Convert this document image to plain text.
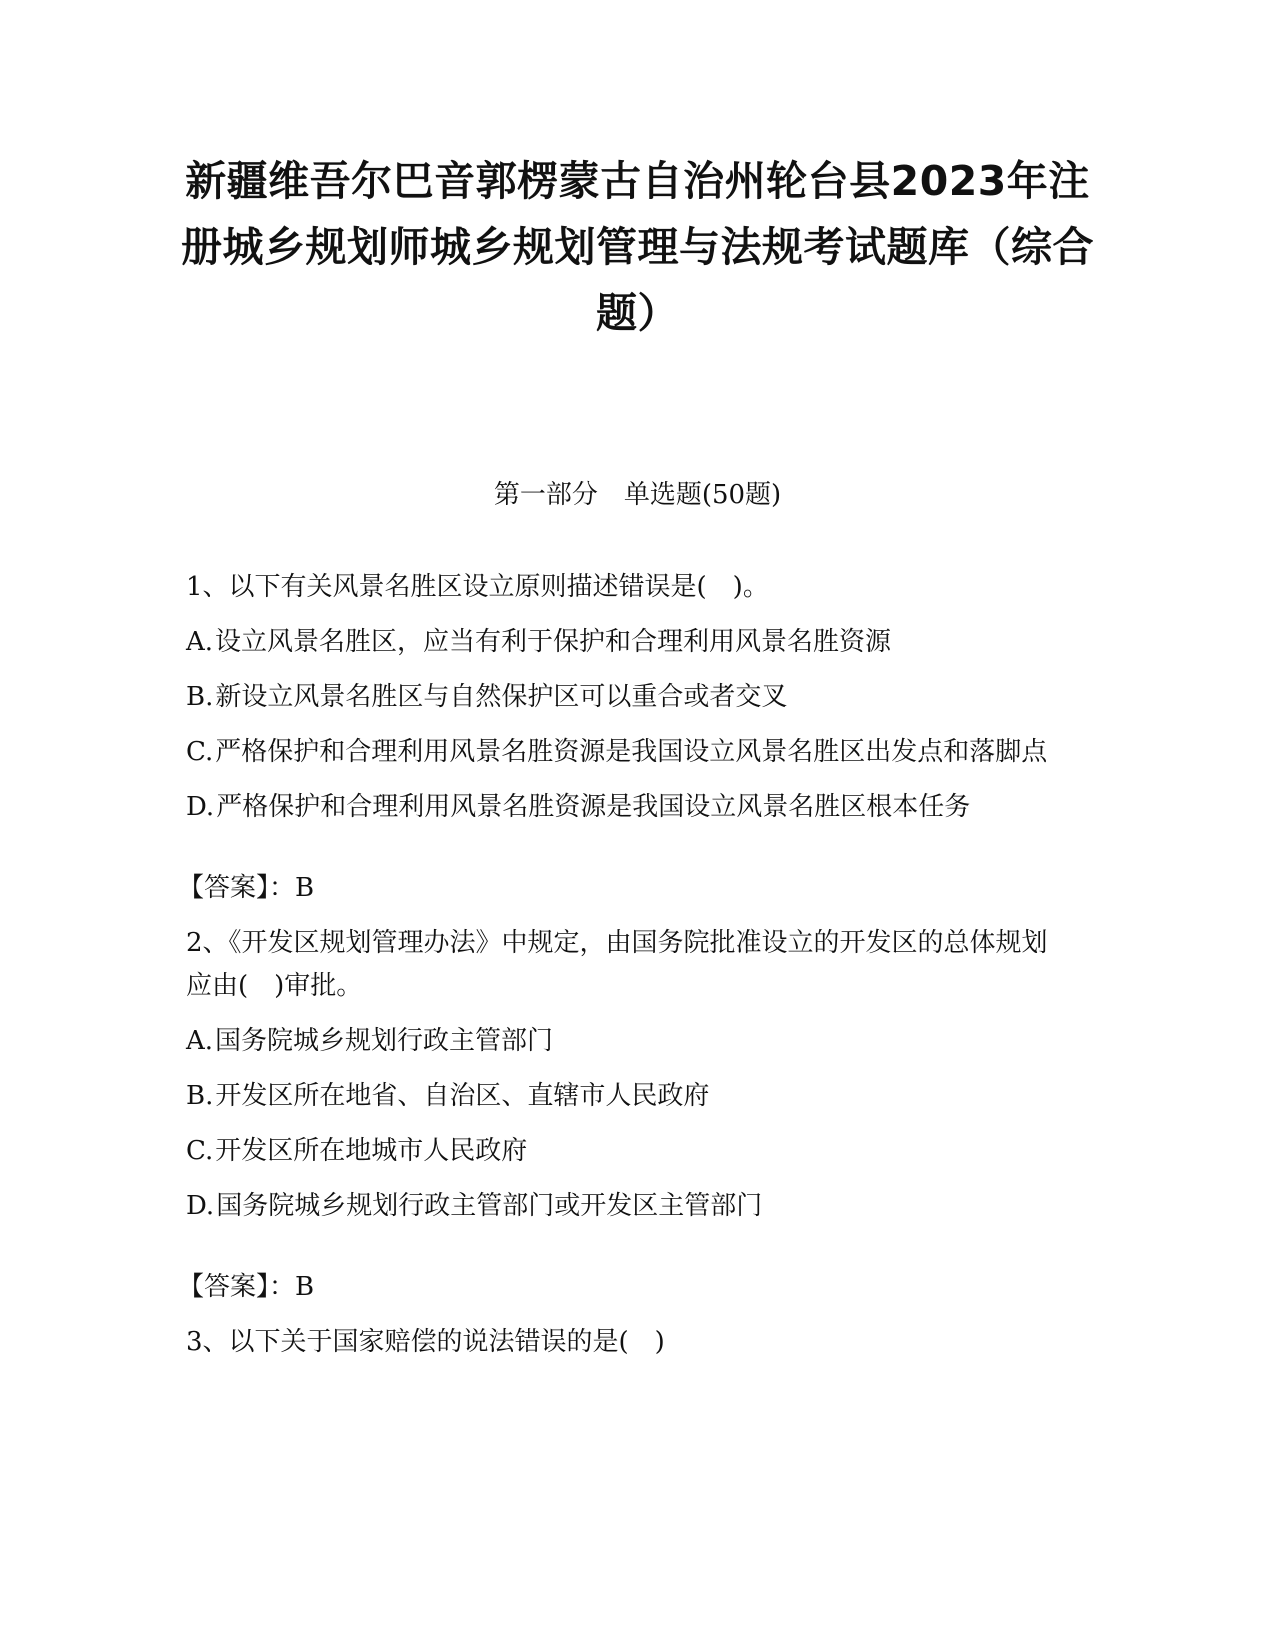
新疆维吾尔巴音郭楞蒙古自治州轮台县2023年注册城乡规划师城乡规划管理与法规考试题库（综合题）
第一部分　单选题(50题)
1、以下有关风景名胜区设立原则描述错误是(　)。
A.设立风景名胜区，应当有利于保护和合理利用风景名胜资源
B.新设立风景名胜区与自然保护区可以重合或者交叉
C.严格保护和合理利用风景名胜资源是我国设立风景名胜区出发点和落脚点
D.严格保护和合理利用风景名胜资源是我国设立风景名胜区根本任务
【答案】：B
2、《开发区规划管理办法》中规定，由国务院批准设立的开发区的总体规划应由(　)审批。
A.国务院城乡规划行政主管部门
B.开发区所在地省、自治区、直辖市人民政府
C.开发区所在地城市人民政府
D.国务院城乡规划行政主管部门或开发区主管部门
【答案】：B
3、以下关于国家赔偿的说法错误的是(　)
